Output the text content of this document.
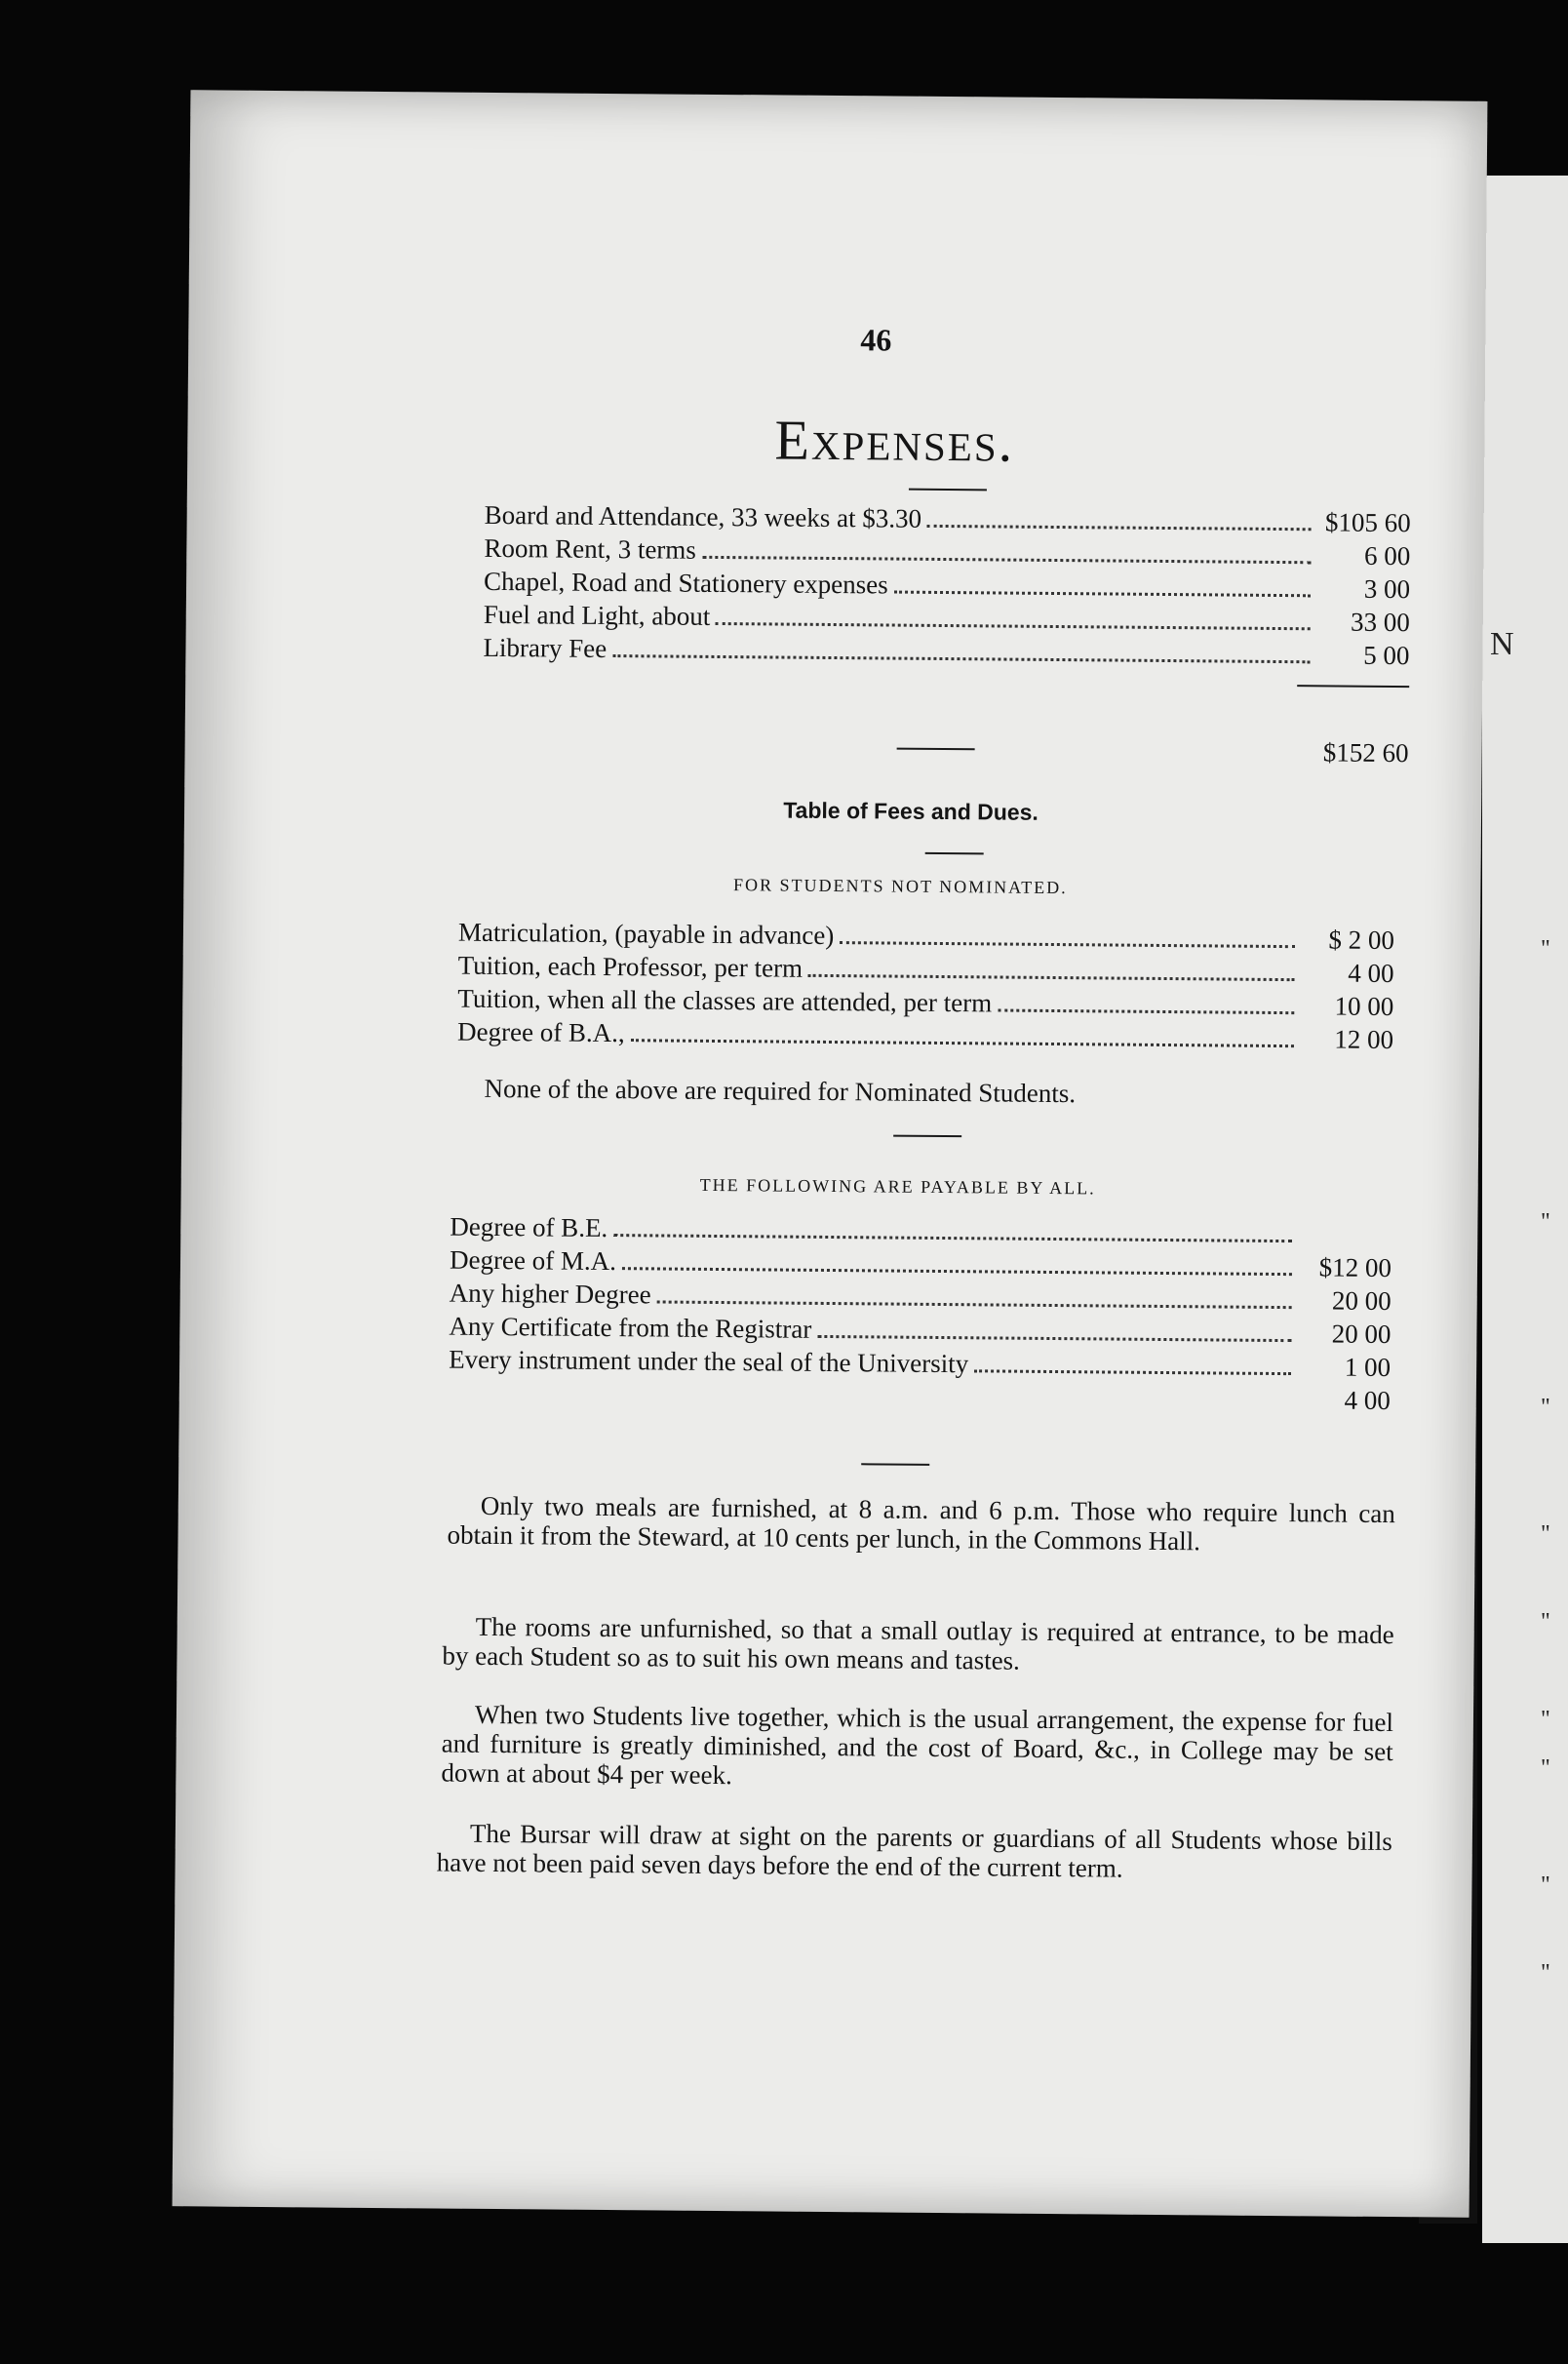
N
"
"
"
"
"
"
"
"
"
46
Expenses.
Board and Attendance, 33 weeks at $3.30	$105 60
Room Rent, 3 terms	6 00
Chapel, Road and Stationery expenses	3 00
Fuel and Light, about	33 00
Library Fee	5 00
$152 60
Table of Fees and Dues.
FOR STUDENTS NOT NOMINATED.
Matriculation, (payable in advance)	$ 2 00
Tuition, each Professor, per term	4 00
Tuition, when all the classes are attended, per term	10 00
Degree of B.A.,	12 00
None of the above are required for Nominated Students.
THE FOLLOWING ARE PAYABLE BY ALL.
Degree of B.E.
Degree of M.A.	$12 00
Any higher Degree	20 00
Any Certificate from the Registrar	20 00
Every instrument under the seal of the University	1 00
4 00

Only two meals are furnished, at 8 a.m. and 6 p.m. Those who require lunch can obtain it from the Steward, at 10 cents per lunch, in the Commons Hall.

The rooms are unfurnished, so that a small outlay is required at entrance, to be made by each Student so as to suit his own means and tastes.

When two Students live together, which is the usual arrangement, the expense for fuel and furniture is greatly diminished, and the cost of Board, &c., in College may be set down at about $4 per week.

The Bursar will draw at sight on the parents or guardians of all Students whose bills have not been paid seven days before the end of the current term.
